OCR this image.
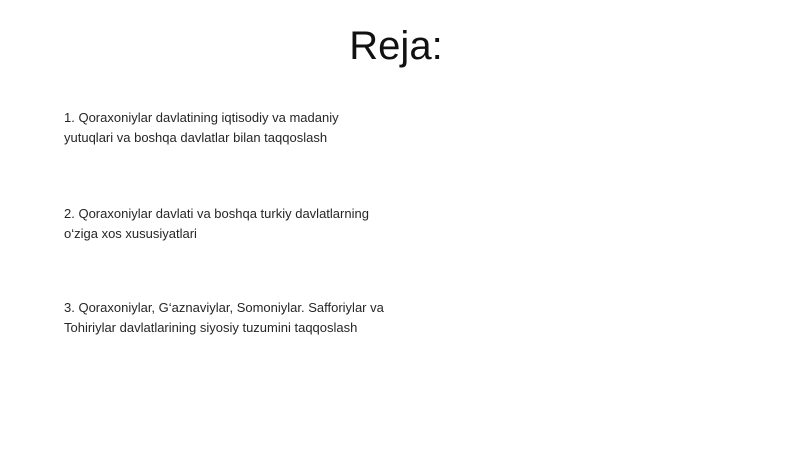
Reja:
1. Qoraxoniylar davlatining iqtisodiy va madaniy
yutuqlari va boshqa davlatlar bilan taqqoslash
2. Qoraxoniylar davlati va boshqa turkiy davlatlarning
o‘ziga xos xususiyatlari
3. Qoraxoniylar, G‘aznaviylar, Somoniylar. Safforiylar va
Tohiriylar davlatlarining siyosiy tuzumini taqqoslash
